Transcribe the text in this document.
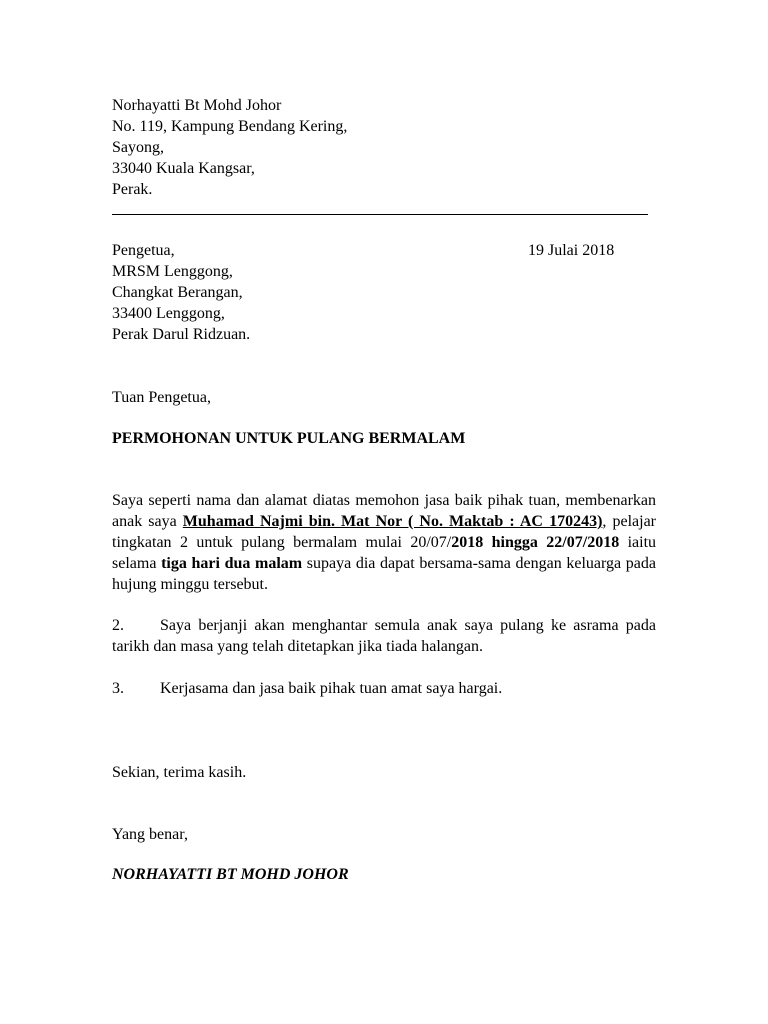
Norhayatti Bt Mohd Johor
No. 119, Kampung Bendang Kering,
Sayong,
33040 Kuala Kangsar,
Perak.
Pengetua,
MRSM Lenggong,
Changkat Berangan,
33400 Lenggong,
Perak Darul Ridzuan.
19 Julai 2018
Tuan Pengetua,
PERMOHONAN UNTUK PULANG BERMALAM
Saya seperti nama dan alamat diatas memohon jasa baik pihak tuan, membenarkan anak saya Muhamad Najmi bin. Mat Nor ( No. Maktab : AC 170243), pelajar tingkatan 2 untuk pulang bermalam mulai 20/07/2018 hingga 22/07/2018 iaitu selama tiga hari dua malam supaya dia dapat bersama-sama dengan keluarga pada hujung minggu tersebut.
2. Saya berjanji akan menghantar semula anak saya pulang ke asrama pada tarikh dan masa yang telah ditetapkan jika tiada halangan.
3. Kerjasama dan jasa baik pihak tuan amat saya hargai.
Sekian, terima kasih.
Yang benar,
NORHAYATTI BT MOHD JOHOR
